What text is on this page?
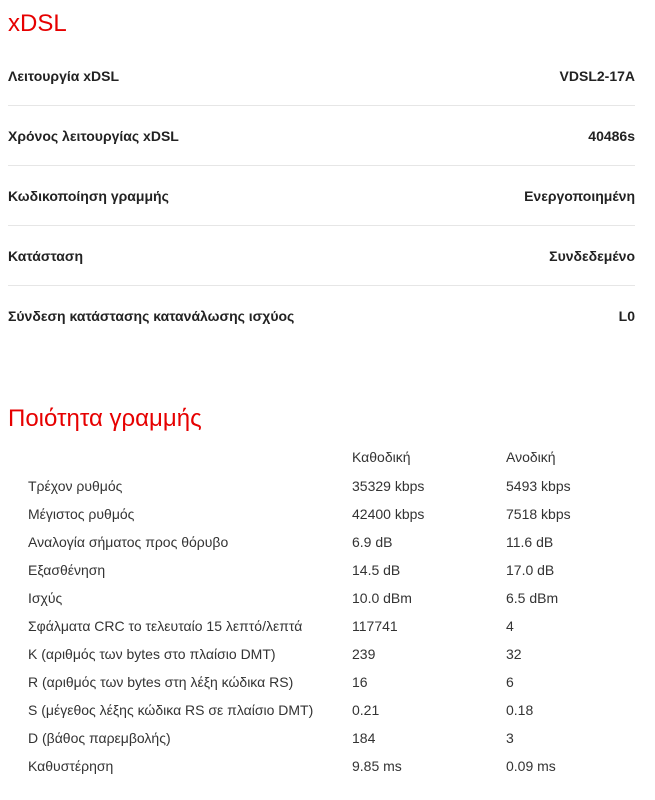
xDSL
Λειτουργία xDSL	VDSL2-17A
Χρόνος λειτουργίας xDSL	40486s
Κωδικοποίηση γραμμής	Ενεργοποιημένη
Κατάσταση	Συνδεδεμένο
Σύνδεση κατάστασης κατανάλωσης ισχύος	L0
Ποιότητα γραμμής
	Καθοδική	Ανοδική
Τρέχον ρυθμός	35329 kbps	5493 kbps
Μέγιστος ρυθμός	42400 kbps	7518 kbps
Αναλογία σήματος προς θόρυβο	6.9 dB	11.6 dB
Εξασθένηση	14.5 dB	17.0 dB
Ισχύς	10.0 dBm	6.5 dBm
Σφάλματα CRC το τελευταίο 15 λεπτό/λεπτά	117741	4
K (αριθμός των bytes στο πλαίσιο DMT)	239	32
R (αριθμός των bytes στη λέξη κώδικα RS)	16	6
S (μέγεθος λέξης κώδικα RS σε πλαίσιο DMT)	0.21	0.18
D (βάθος παρεμβολής)	184	3
Καθυστέρηση	9.85 ms	0.09 ms
